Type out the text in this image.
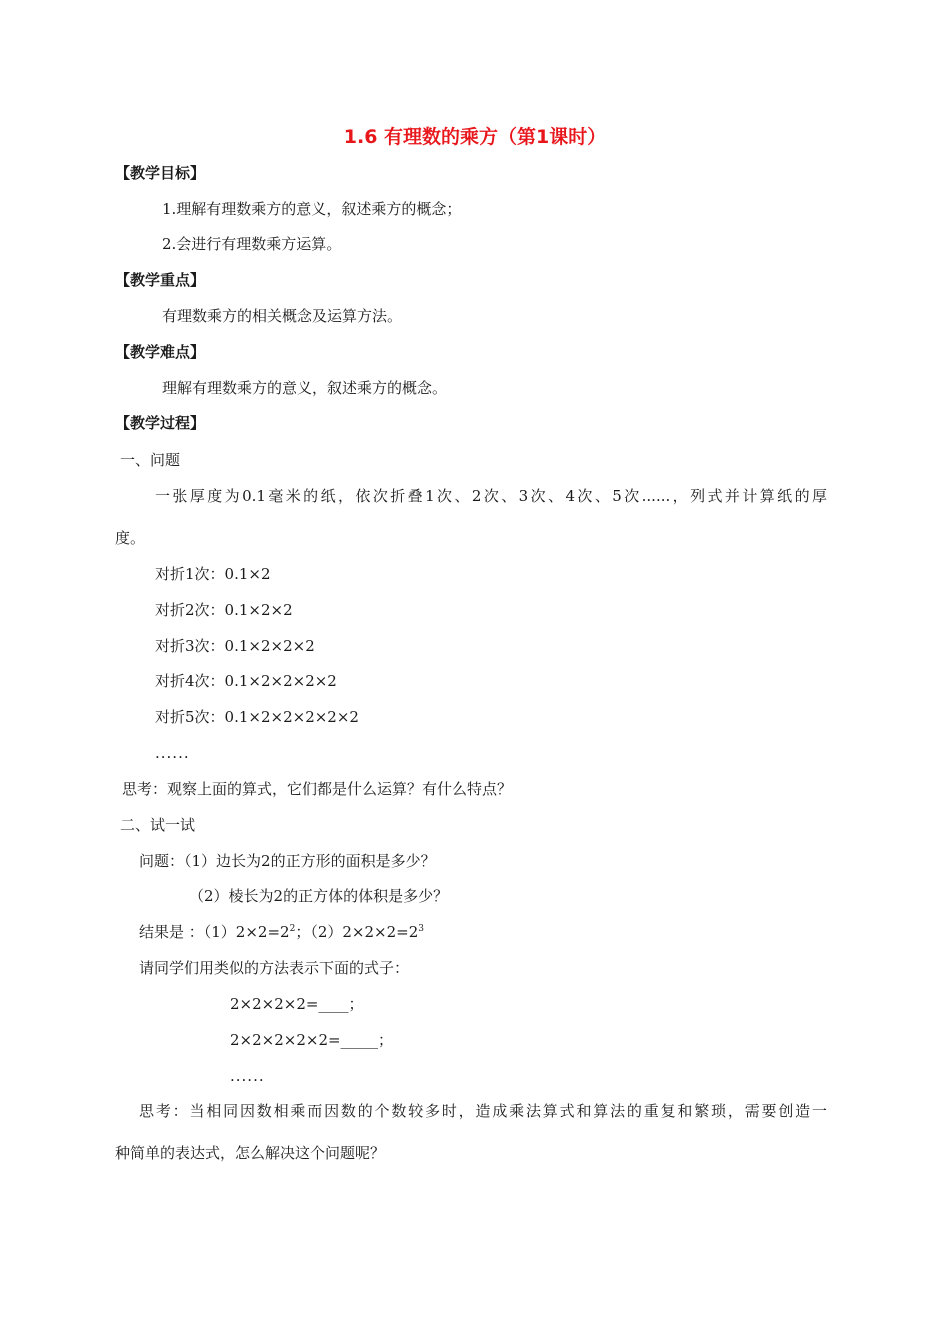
1.6 有理数的乘方（第1课时）
【教学目标】
1.理解有理数乘方的意义，叙述乘方的概念；
2.会进行有理数乘方运算。
【教学重点】
有理数乘方的相关概念及运算方法。
【教学难点】
理解有理数乘方的意义，叙述乘方的概念。
【教学过程】
一、问题
一张厚度为0.1毫米的纸，依次折叠1次、2次、3次、4次、5次......，列式并计算纸的厚
度。
对折1次：0.1×2
对折2次：0.1×2×2
对折3次：0.1×2×2×2
对折4次：0.1×2×2×2×2
对折5次：0.1×2×2×2×2×2
......
思考：观察上面的算式，它们都是什么运算？有什么特点？
二、试一试
问题：（1）边长为2的正方形的面积是多少？
（2）棱长为2的正方体的体积是多少？
结果是 ：$(1)2\times 2=2^2$；$(2)2\times 2\times 2=2^3$
请同学们用类似的方法表示下面的式子：
2×2×2×2=____；
2×2×2×2×2=_____；
......
思考：当相同因数相乘而因数的个数较多时，造成乘法算式和算法的重复和繁琐，需要创造一
种简单的表达式，怎么解决这个问题呢？
